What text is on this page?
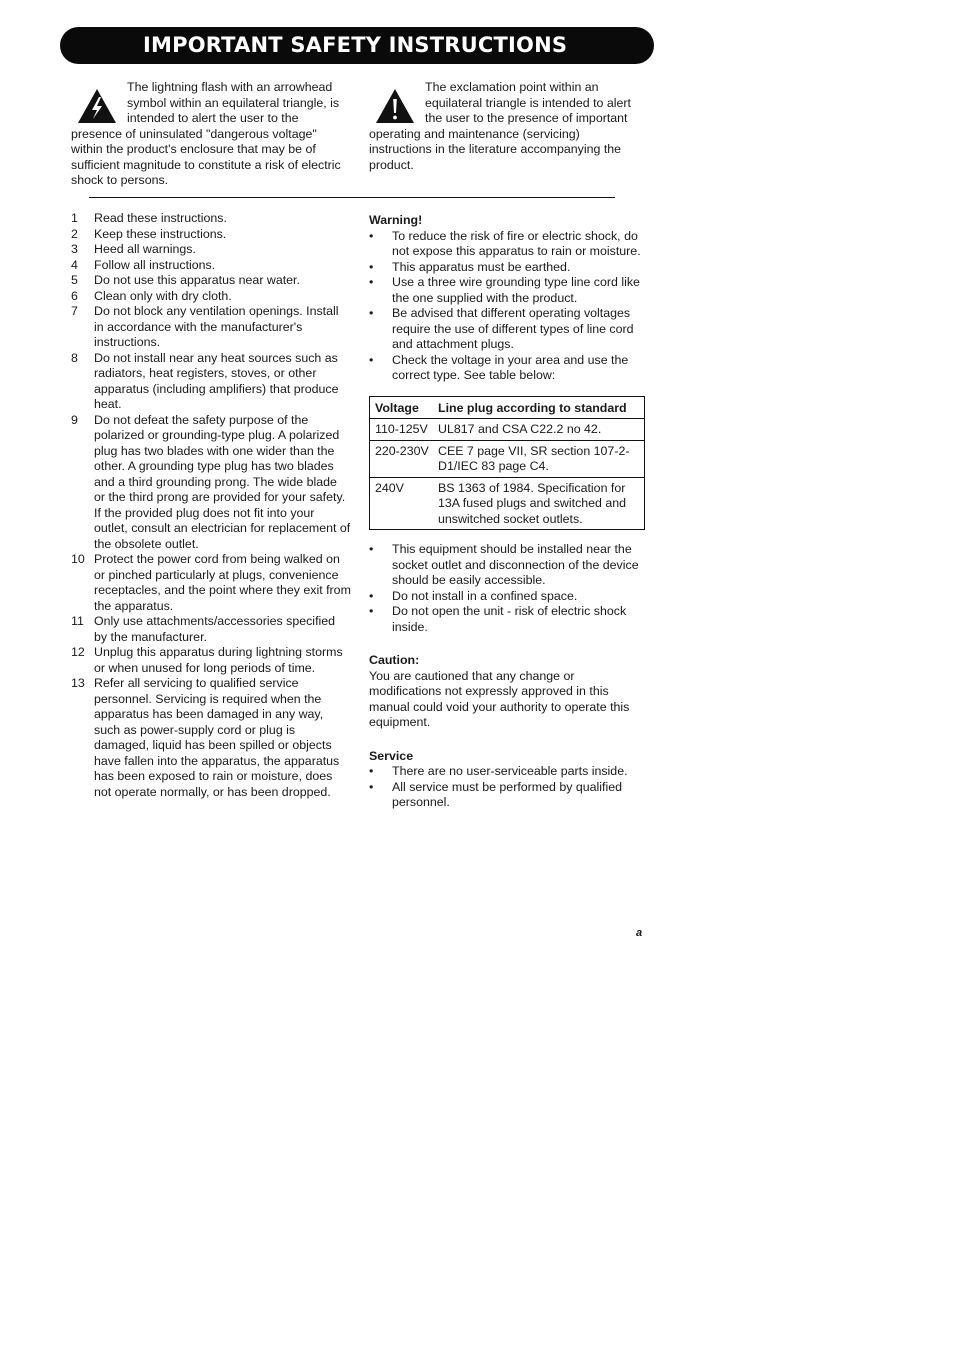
IMPORTANT SAFETY INSTRUCTIONS

The lightning flash with an arrowhead symbol within an equilateral triangle, is intended to alert the user to the presence of uninsulated "dangerous voltage" within the product's enclosure that may be of sufficient magnitude to constitute a risk of electric shock to persons.

The exclamation point within an equilateral triangle is intended to alert the user to the presence of important operating and maintenance (servicing) instructions in the literature accompanying the product.

1 Read these instructions.
2 Keep these instructions.
3 Heed all warnings.
4 Follow all instructions.
5 Do not use this apparatus near water.
6 Clean only with dry cloth.
7 Do not block any ventilation openings. Install in accordance with the manufacturer's instructions.
8 Do not install near any heat sources such as radiators, heat registers, stoves, or other apparatus (including amplifiers) that produce heat.
9 Do not defeat the safety purpose of the polarized or grounding-type plug. A polarized plug has two blades with one wider than the other. A grounding type plug has two blades and a third grounding prong. The wide blade or the third prong are provided for your safety. If the provided plug does not fit into your outlet, consult an electrician for replacement of the obsolete outlet.
10 Protect the power cord from being walked on or pinched particularly at plugs, convenience receptacles, and the point where they exit from the apparatus.
11 Only use attachments/accessories specified by the manufacturer.
12 Unplug this apparatus during lightning storms or when unused for long periods of time.
13 Refer all servicing to qualified service personnel. Servicing is required when the apparatus has been damaged in any way, such as power-supply cord or plug is damaged, liquid has been spilled or objects have fallen into the apparatus, the apparatus has been exposed to rain or moisture, does not operate normally, or has been dropped.

Warning!

• To reduce the risk of fire or electric shock, do not expose this apparatus to rain or moisture.
• This apparatus must be earthed.
• Use a three wire grounding type line cord like the one supplied with the product.
• Be advised that different operating voltages require the use of different types of line cord and attachment plugs.
• Check the voltage in your area and use the correct type. See table below:
Voltage	Line plug according to standard
110-125V	UL817 and CSA C22.2 no 42.
220-230V	CEE 7 page VII, SR section 107-2-D1/IEC 83 page C4.
240V	BS 1363 of 1984. Specification for 13A fused plugs and switched and unswitched socket outlets.
• This equipment should be installed near the socket outlet and disconnection of the device should be easily accessible.
• Do not install in a confined space.
• Do not open the unit - risk of electric shock inside.

Caution:

You are cautioned that any change or modifications not expressly approved in this manual could void your authority to operate this equipment.

Service

• There are no user-serviceable parts inside.
• All service must be performed by qualified personnel.
a
